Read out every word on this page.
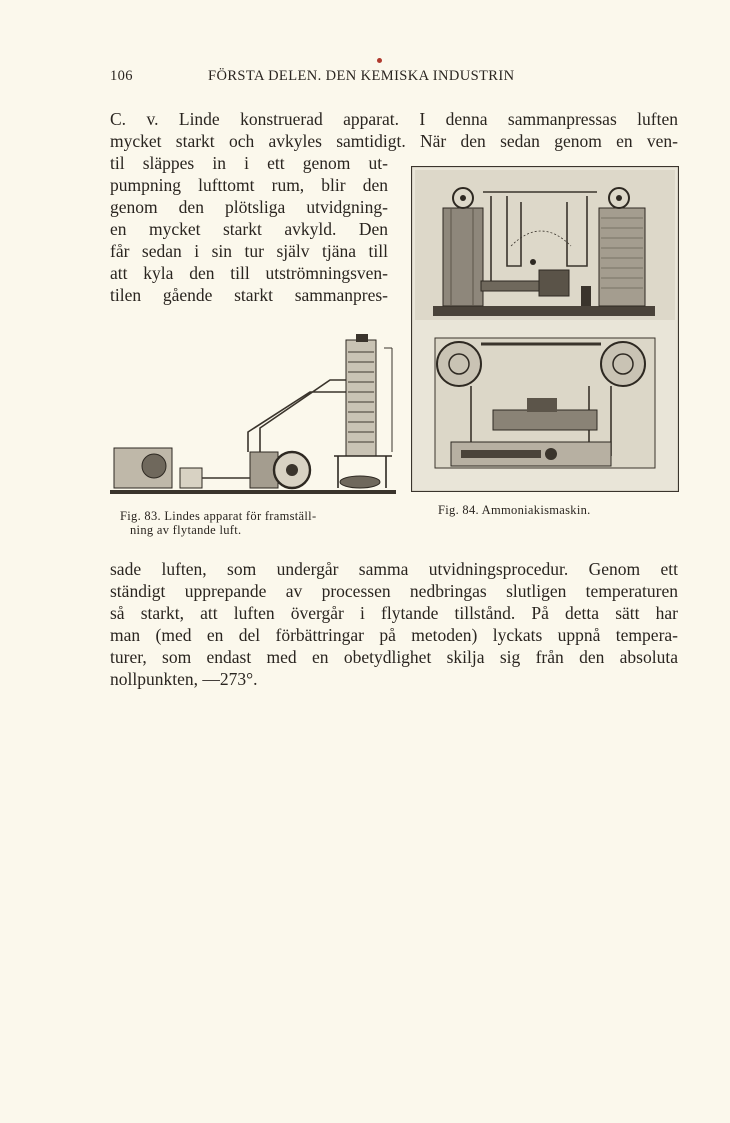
106	FÖRSTA DELEN. DEN KEMISKA INDUSTRIN
C. v. Linde konstruerad apparat. I denna sammanpressas luften
mycket starkt och avkyles samtidigt. När den sedan genom en ven-
til släppes in i ett genom ut-
pumpning lufttomt rum, blir den
genom den plötsliga utvidgning-
en mycket starkt avkyld. Den
får sedan i sin tur själv tjäna till
att kyla den till utströmningsven-
tilen gående starkt sammanpres-
Fig. 83. Lindes apparat för framställ-
ning av flytande luft.
Fig. 84. Ammoniakismaskin.
sade luften, som undergår samma utvidningsprocedur. Genom ett
ständigt upprepande av processen nedbringas slutligen temperaturen
så starkt, att luften övergår i flytande tillstånd. På detta sätt har
man (med en del förbättringar på metoden) lyckats uppnå tempera-
turer, som endast med en obetydlighet skilja sig från den absoluta
nollpunkten, —273°.
